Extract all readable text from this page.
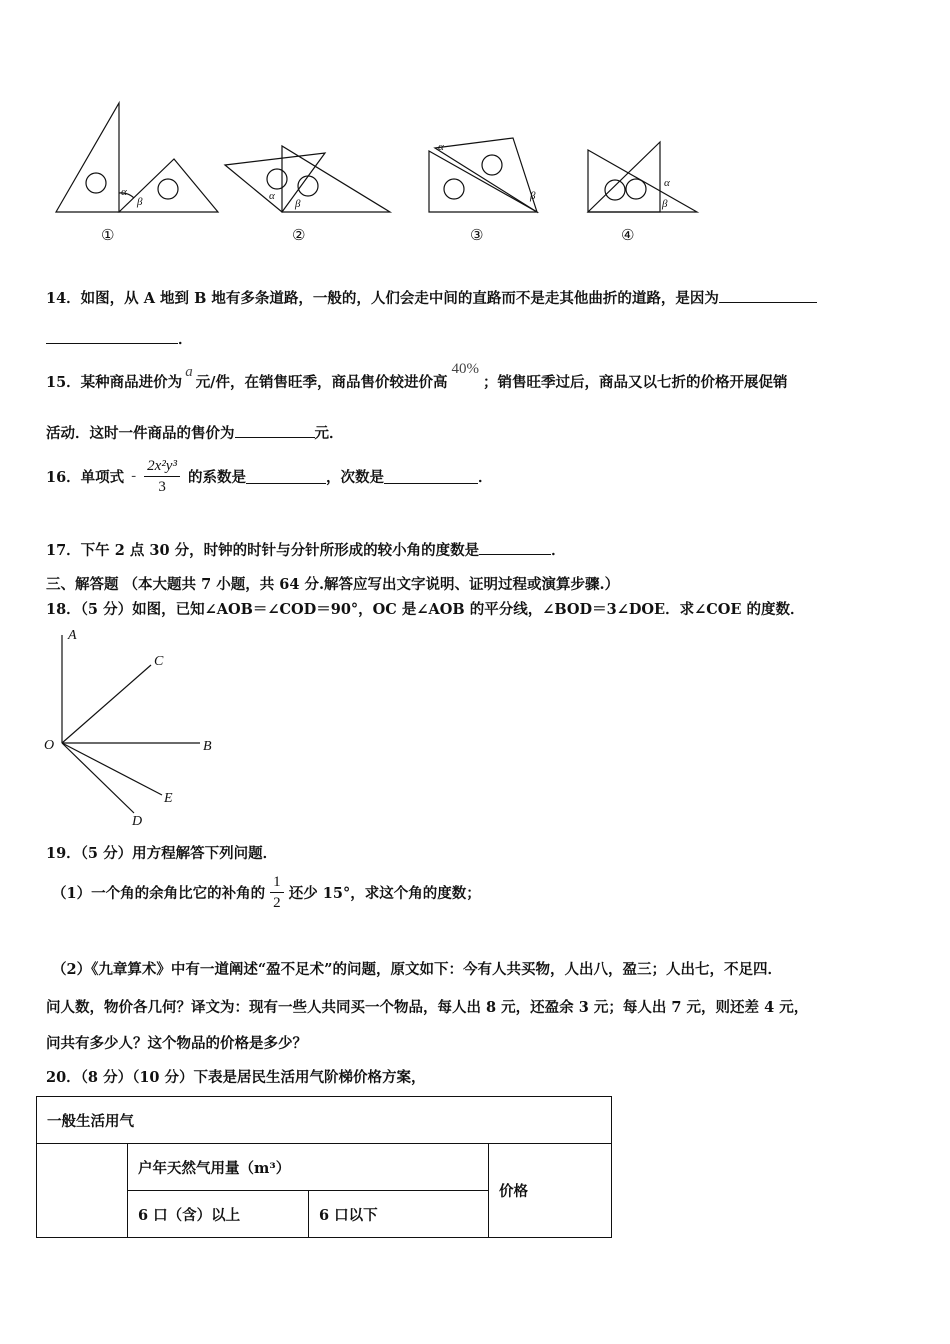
α
β	α
β
α
β
α
β
①	②	③	④
14．如图，从 A 地到 B 地有多条道路，一般的，人们会走中间的直路而不是走其他曲折的道路，是因为
．
15．某种商品进价为a元/件，在销售旺季，商品售价较进价高40%；销售旺季过后，商品又以七折的价格开展促销
活动．这时一件商品的售价为	元．
16．单项式 - $\frac{\text{2x²y³}}{3}$ 的系数是	，次数是	．
17．下午 2 点 30 分，时钟的时针与分针所形成的较小角的度数是	．
三、解答题 （本大题共 7 小题，共 64 分.解答应写出文字说明、证明过程或演算步骤.）
18．（5 分）如图，已知∠AOB＝∠COD＝90°，OC 是∠AOB 的平分线，∠BOD＝3∠DOE．求∠COE 的度数．
A
C
O	B
E
D
19．（5 分）用方程解答下列问题．
（1）一个角的余角比它的补角的 $\frac{1}{2}$ 还少 15°，求这个角的度数；
（2）《九章算术》中有一道阐述“盈不足术”的问题，原文如下：今有人共买物，人出八，盈三；人出七，不足四．
问人数，物价各几何？译文为：现有一些人共同买一个物品，每人出 8 元，还盈余 3 元；每人出 7 元，则还差 4 元，
问共有多少人？这个物品的价格是多少？
20．（8 分）（10 分）下表是居民生活用气阶梯价格方案，
一般生活用气			
	户年天然气用量（m³）		价格
	6 口（含）以上	6 口以下	
